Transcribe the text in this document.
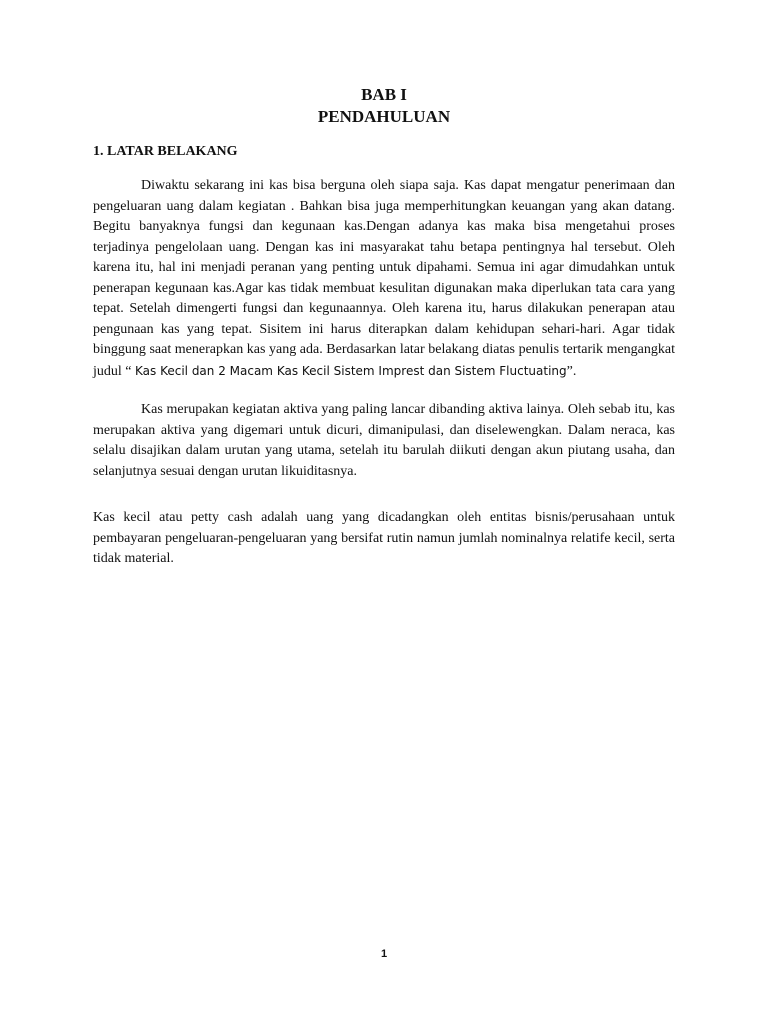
BAB I
PENDAHULUAN
1. LATAR BELAKANG

Diwaktu sekarang ini kas bisa berguna oleh siapa saja. Kas dapat mengatur penerimaan dan pengeluaran uang dalam kegiatan . Bahkan bisa juga memperhitungkan keuangan yang akan datang. Begitu banyaknya fungsi dan kegunaan kas.Dengan adanya kas maka bisa mengetahui proses terjadinya pengelolaan uang. Dengan kas ini masyarakat tahu betapa pentingnya hal tersebut. Oleh karena itu, hal ini menjadi peranan yang penting untuk dipahami. Semua ini agar dimudahkan untuk penerapan kegunaan kas.Agar kas tidak membuat kesulitan digunakan maka diperlukan tata cara yang tepat. Setelah dimengerti fungsi dan kegunaannya. Oleh karena itu, harus dilakukan penerapan atau pengunaan kas yang tepat. Sisitem ini harus diterapkan dalam kehidupan sehari-hari. Agar tidak binggung saat menerapkan kas yang ada. Berdasarkan latar belakang diatas penulis tertarik mengangkat judul “ Kas Kecil dan 2 Macam Kas Kecil Sistem Imprest dan Sistem Fluctuating”.

Kas merupakan kegiatan aktiva yang paling lancar dibanding aktiva lainya. Oleh sebab itu, kas merupakan aktiva yang digemari untuk dicuri, dimanipulasi, dan diselewengkan. Dalam neraca, kas selalu disajikan dalam urutan yang utama, setelah itu barulah diikuti dengan akun piutang usaha, dan selanjutnya sesuai dengan urutan likuiditasnya.

Kas kecil atau petty cash adalah uang yang dicadangkan oleh entitas bisnis/perusahaan untuk pembayaran pengeluaran-pengeluaran yang bersifat rutin namun jumlah nominalnya relatife kecil, serta tidak material.

1
